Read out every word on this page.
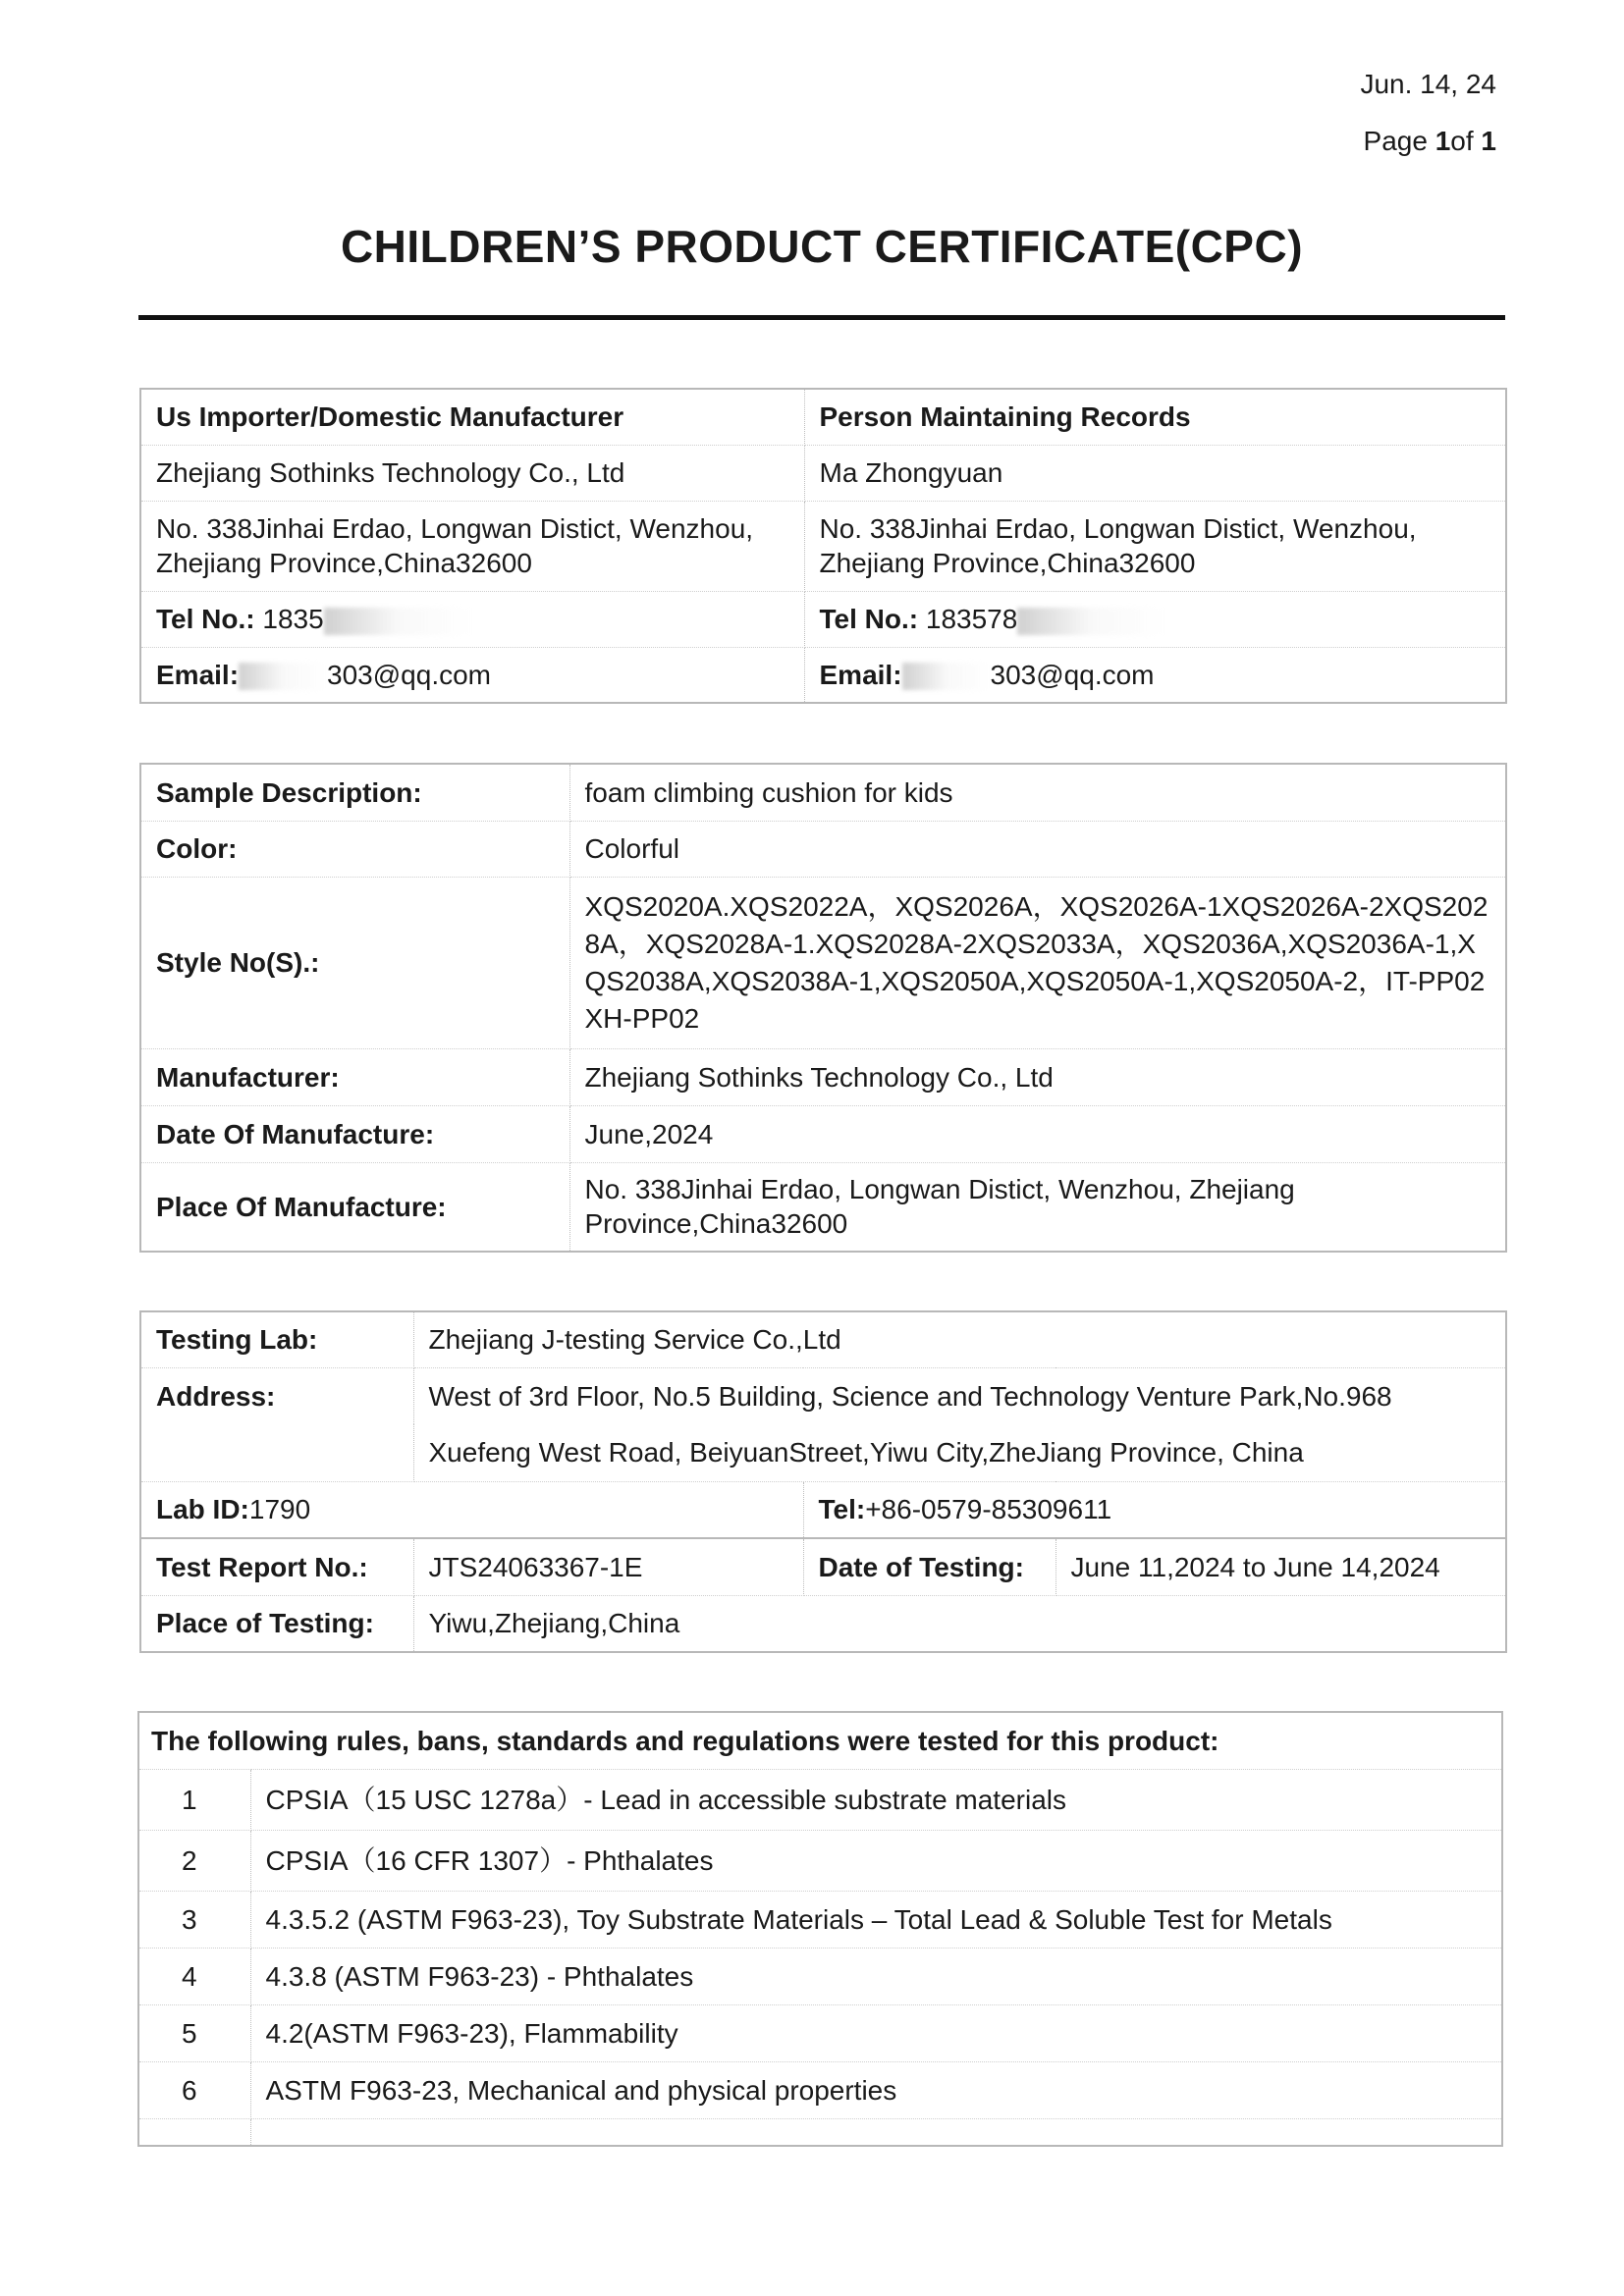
Jun. 14, 24
Page 1of 1
CHILDREN’S PRODUCT CERTIFICATE(CPC)
Us Importer/Domestic Manufacturer	Person Maintaining Records
Zhejiang Sothinks Technology Co., Ltd	Ma Zhongyuan
No. 338Jinhai Erdao, Longwan Distict, Wenzhou, Zhejiang Province,China32600	No. 338Jinhai Erdao, Longwan Distict, Wenzhou, Zhejiang Province,China32600
Tel No.: 1835	Tel No.: 183578
Email: 303@qq.com	Email: 303@qq.com
Sample Description:	foam climbing cushion for kids
Color:	Colorful
Style No(S).:	XQS2020A.XQS2022A，XQS2026A，XQS2026A-1XQS2026A-2XQS2028A，XQS2028A-1.XQS2028A-2XQS2033A，XQS2036A,XQS2036A-1,XQS2038A,XQS2038A-1,XQS2050A,XQS2050A-1,XQS2050A-2，IT-PP02 XH-PP02
Manufacturer:	Zhejiang Sothinks Technology Co., Ltd
Date Of Manufacture:	June,2024
Place Of Manufacture:	No. 338Jinhai Erdao, Longwan Distict, Wenzhou, Zhejiang Province,China32600
Testing Lab:	Zhejiang J-testing Service Co.,Ltd		
Address:	West of 3rd Floor, No.5 Building, Science and Technology Venture Park,No.968		
	Xuefeng West Road, BeiyuanStreet,Yiwu City,ZheJiang Province, China		
Lab ID:1790		Tel:+86-0579-85309611	
Test Report No.:	JTS24063367-1E	Date of Testing:	June 11,2024 to June 14,2024
Place of Testing:	Yiwu,Zhejiang,China		
The following rules, bans, standards and regulations were tested for this product:	
1	CPSIA（15 USC 1278a）- Lead in accessible substrate materials
2	CPSIA（16 CFR 1307）- Phthalates
3	4.3.5.2 (ASTM F963-23), Toy Substrate Materials – Total Lead & Soluble Test for Metals
4	4.3.8 (ASTM F963-23) - Phthalates
5	4.2(ASTM F963-23), Flammability
6	ASTM F963-23, Mechanical and physical properties
